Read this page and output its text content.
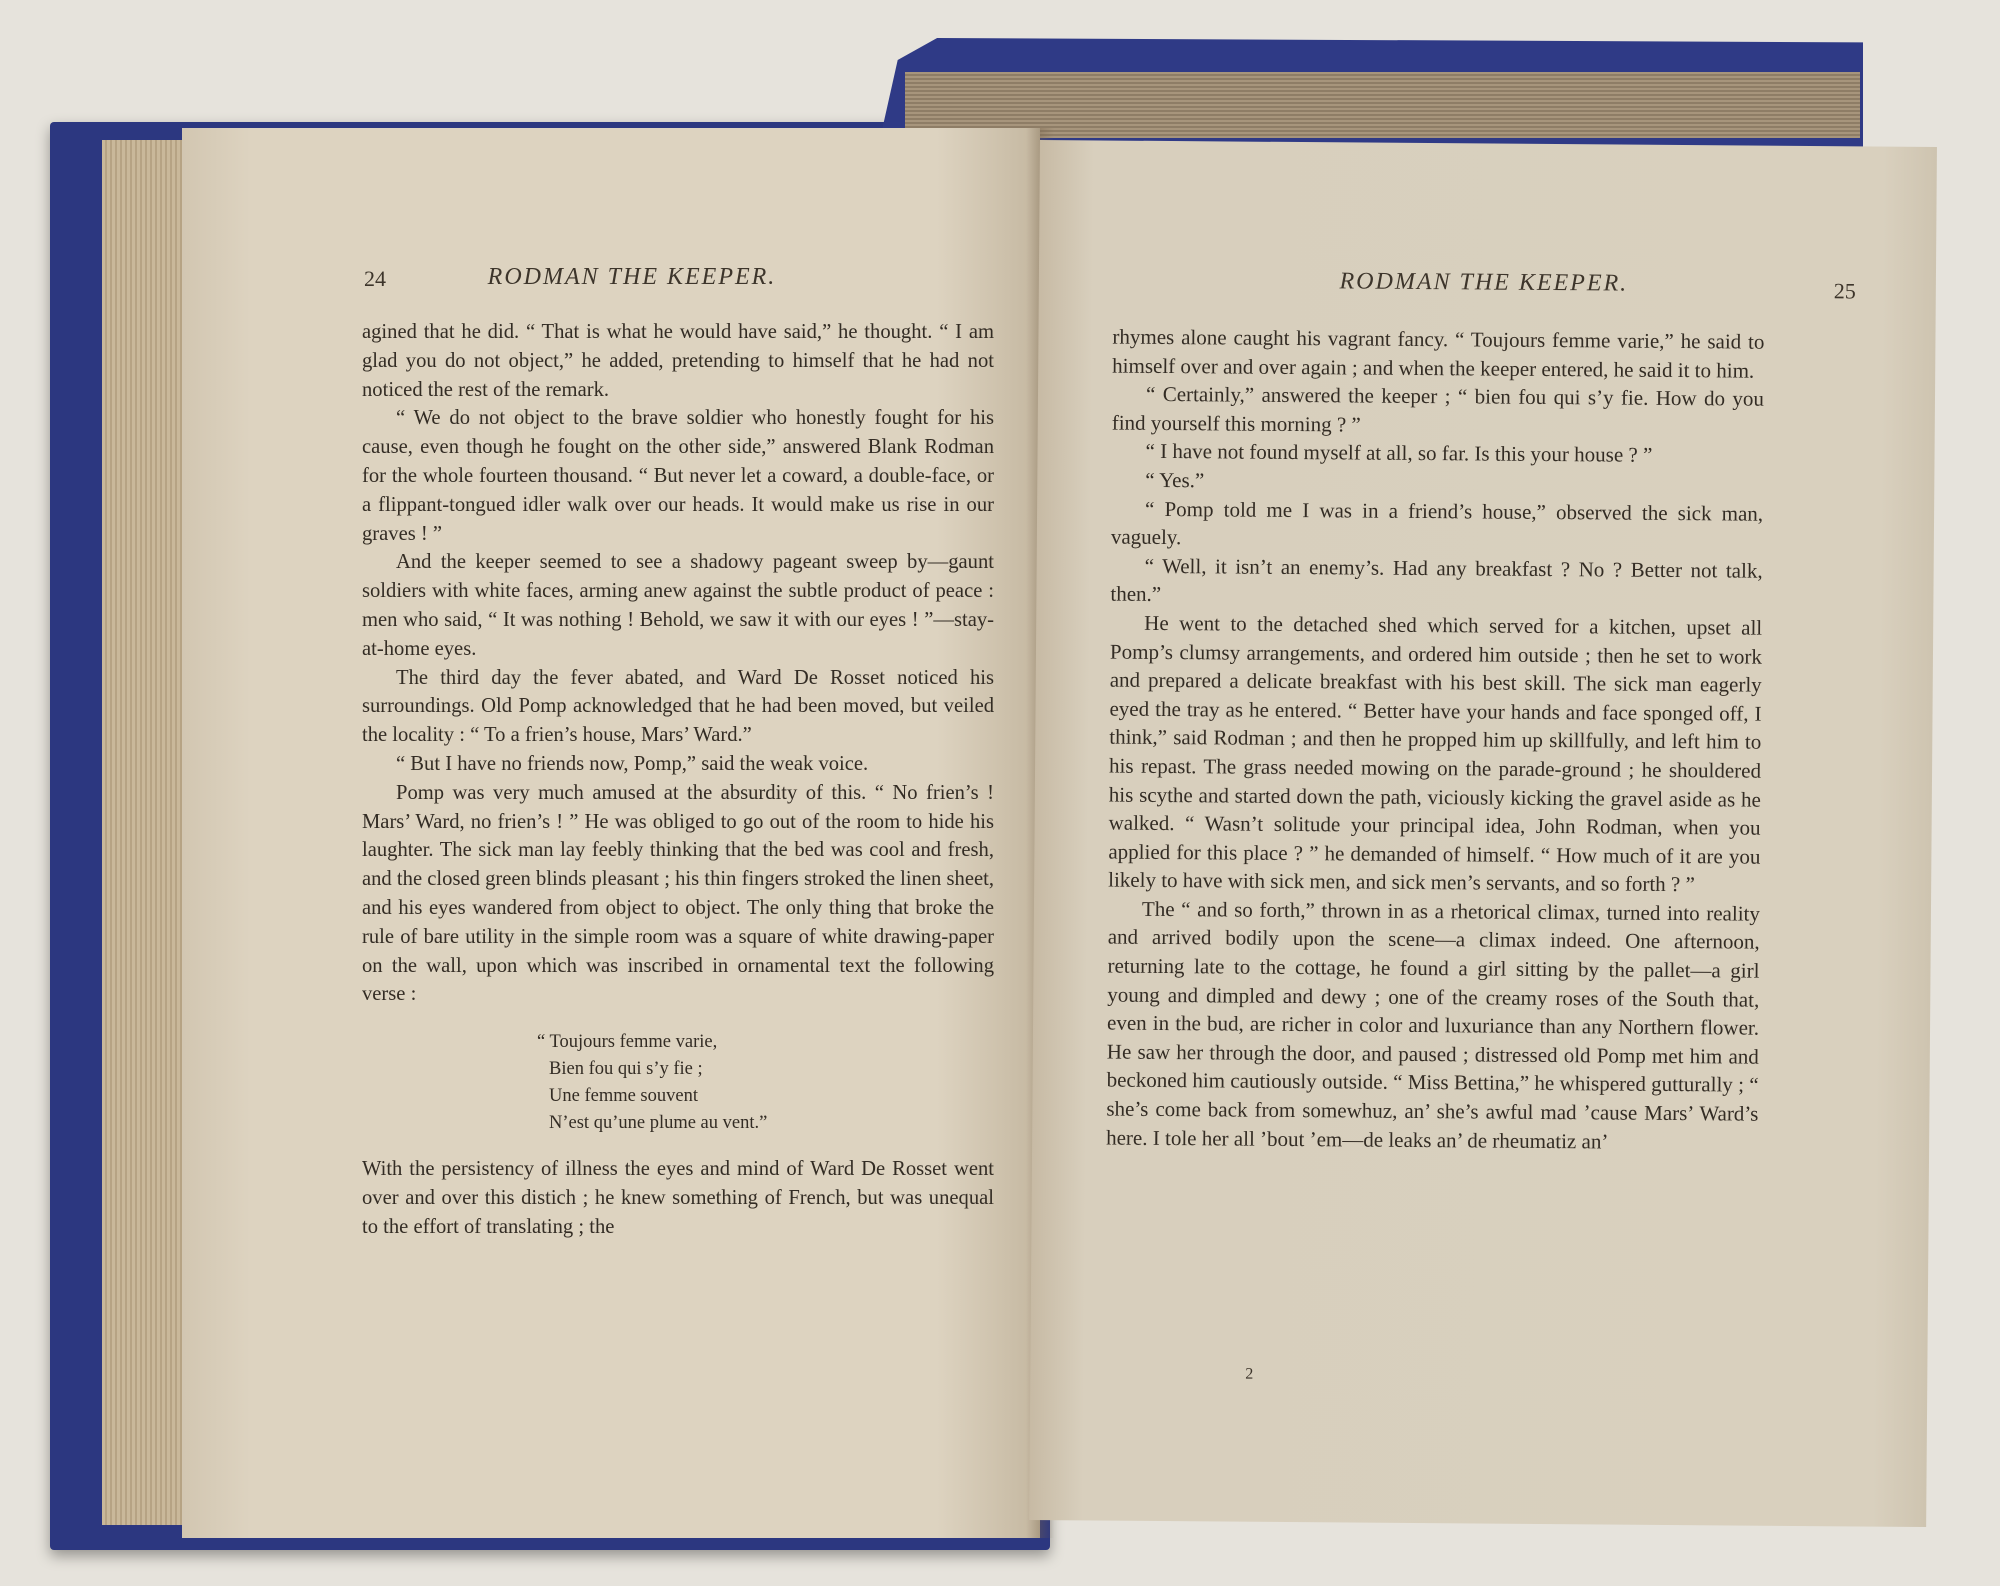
24	RODMAN THE KEEPER.

agined that he did. “ That is what he would have said,” he thought. “ I am glad you do not object,” he added, pretending to himself that he had not noticed the rest of the remark.

“ We do not object to the brave soldier who honestly fought for his cause, even though he fought on the other side,” answered Blank Rodman for the whole fourteen thousand. “ But never let a coward, a double-face, or a flippant-tongued idler walk over our heads. It would make us rise in our graves ! ”

And the keeper seemed to see a shadowy pageant sweep by—gaunt soldiers with white faces, arming anew against the subtle product of peace : men who said, “ It was nothing ! Behold, we saw it with our eyes ! ”—stay-at-home eyes.

The third day the fever abated, and Ward De Rosset noticed his surroundings. Old Pomp acknowledged that he had been moved, but veiled the locality : “ To a frien’s house, Mars’ Ward.”

“ But I have no friends now, Pomp,” said the weak voice.

Pomp was very much amused at the absurdity of this. “ No frien’s ! Mars’ Ward, no frien’s ! ” He was obliged to go out of the room to hide his laughter. The sick man lay feebly thinking that the bed was cool and fresh, and the closed green blinds pleasant ; his thin fingers stroked the linen sheet, and his eyes wandered from object to object. The only thing that broke the rule of bare utility in the simple room was a square of white drawing-paper on the wall, upon which was inscribed in ornamental text the following verse :

“ Toujours femme varie,
Bien fou qui s’y fie ;
Une femme souvent
N’est qu’une plume au vent.”

With the persistency of illness the eyes and mind of Ward De Rosset went over and over this distich ; he knew something of French, but was unequal to the effort of translating ; the

RODMAN THE KEEPER.	25

rhymes alone caught his vagrant fancy. “ Toujours femme varie,” he said to himself over and over again ; and when the keeper entered, he said it to him.

“ Certainly,” answered the keeper ; “ bien fou qui s’y fie. How do you find yourself this morning ? ”

“ I have not found myself at all, so far. Is this your house ? ”

“ Yes.”

“ Pomp told me I was in a friend’s house,” observed the sick man, vaguely.

“ Well, it isn’t an enemy’s. Had any breakfast ? No ? Better not talk, then.”

He went to the detached shed which served for a kitchen, upset all Pomp’s clumsy arrangements, and ordered him outside ; then he set to work and prepared a delicate breakfast with his best skill. The sick man eagerly eyed the tray as he entered. “ Better have your hands and face sponged off, I think,” said Rodman ; and then he propped him up skillfully, and left him to his repast. The grass needed mowing on the parade-ground ; he shouldered his scythe and started down the path, viciously kicking the gravel aside as he walked. “ Wasn’t solitude your principal idea, John Rodman, when you applied for this place ? ” he demanded of himself. “ How much of it are you likely to have with sick men, and sick men’s servants, and so forth ? ”

The “ and so forth,” thrown in as a rhetorical climax, turned into reality and arrived bodily upon the scene—a climax indeed. One afternoon, returning late to the cottage, he found a girl sitting by the pallet—a girl young and dimpled and dewy ; one of the creamy roses of the South that, even in the bud, are richer in color and luxuriance than any Northern flower. He saw her through the door, and paused ; distressed old Pomp met him and beckoned him cautiously outside. “ Miss Bettina,” he whispered gutturally ; “ she’s come back from somewhuz, an’ she’s awful mad ’cause Mars’ Ward’s here. I tole her all ’bout ’em—de leaks an’ de rheumatiz an’

2
